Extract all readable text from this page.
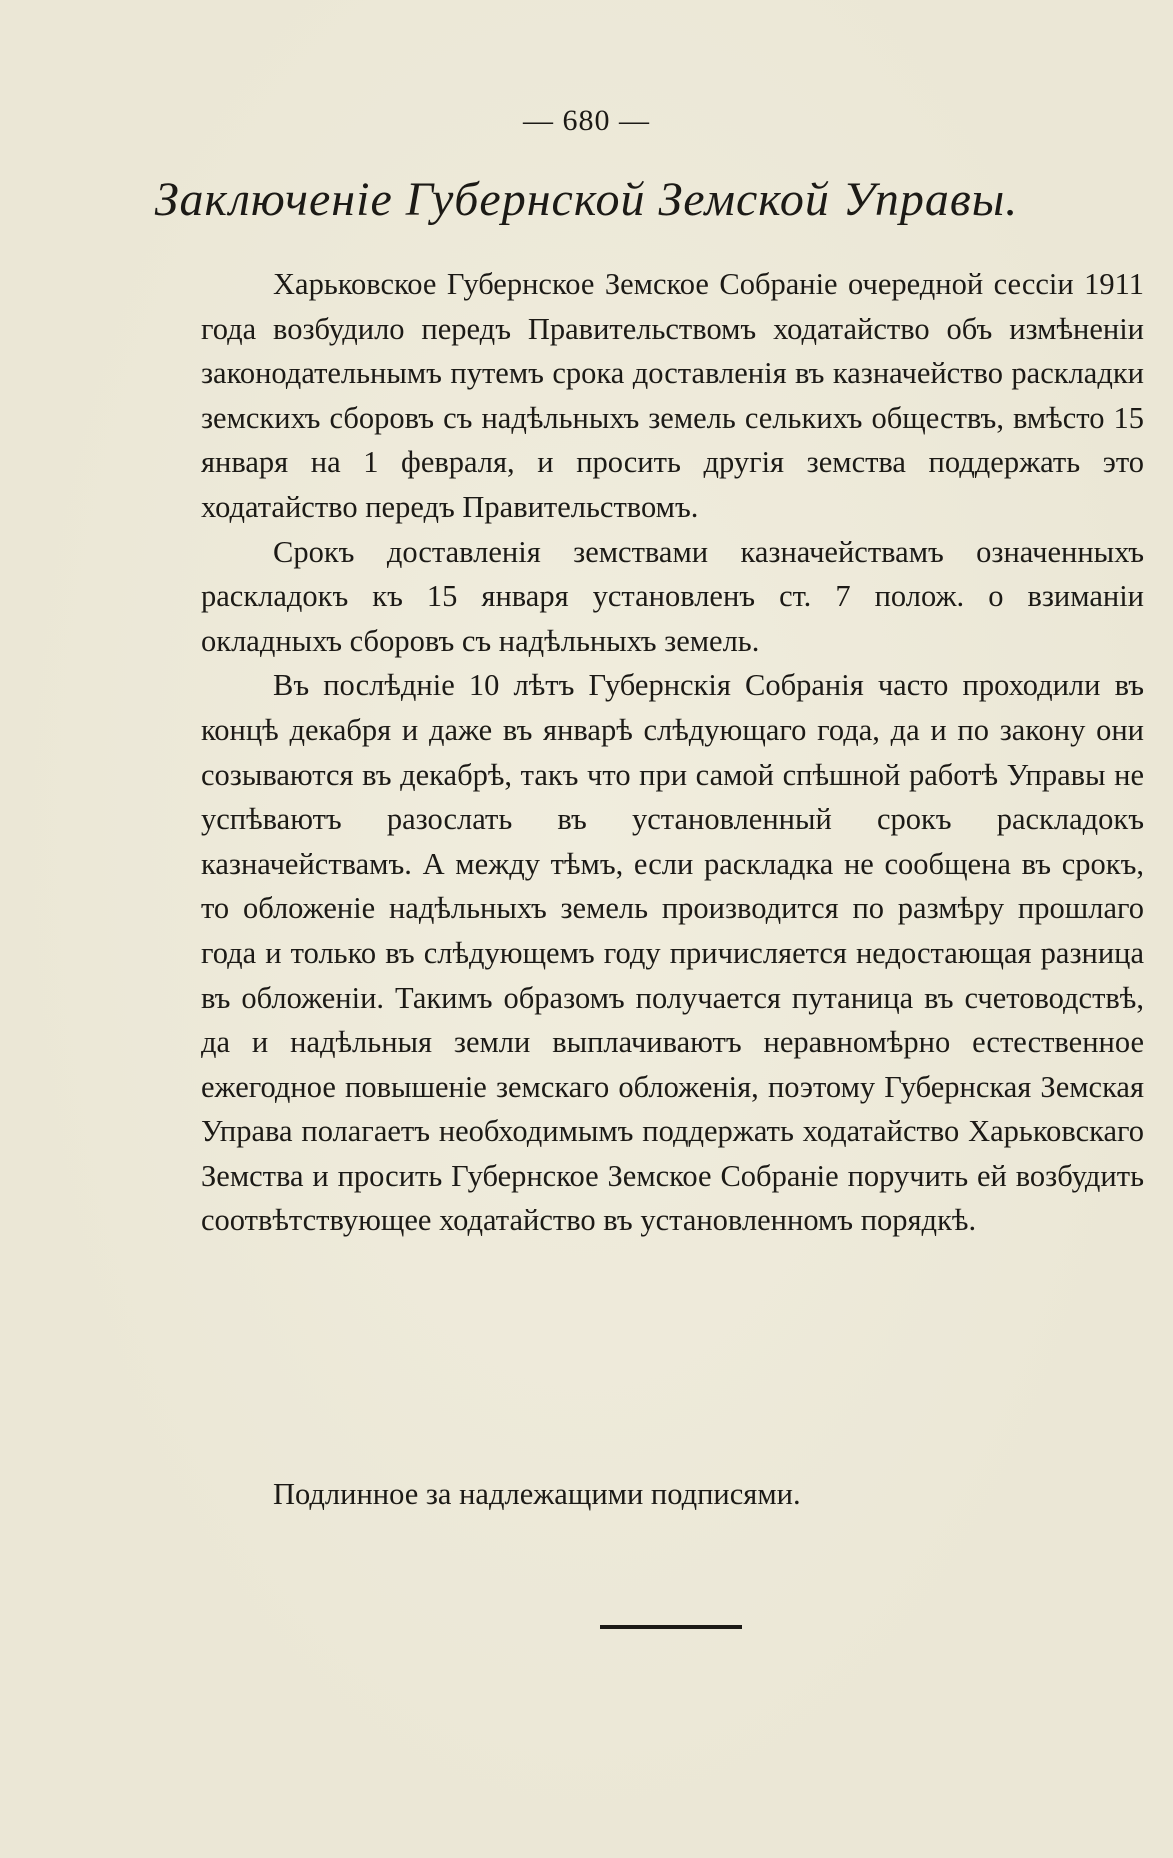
— 680 —
Заключеніе Губернской Земской Управы.

Харьковское Губернское Земское Собраніе очередной сессіи 1911 года возбудило передъ Правительствомъ ходатайство объ измѣненіи законодательнымъ путемъ срока доставленія въ казначейство раскладки земскихъ сборовъ съ надѣльныхъ земель селькихъ обществъ, вмѣсто 15 января на 1 февраля, и просить другія земства поддержать это ходатайство передъ Правительствомъ.

Срокъ доставленія земствами казначействамъ означенныхъ раскладокъ къ 15 января установленъ ст. 7 полож. о взиманіи окладныхъ сборовъ съ надѣльныхъ земель.

Въ послѣдніе 10 лѣтъ Губернскія Собранія часто проходили въ концѣ декабря и даже въ январѣ слѣдующаго года, да и по закону они созываются въ декабрѣ, такъ что при самой спѣшной работѣ Управы не успѣваютъ разослать въ установленный срокъ раскладокъ казначействамъ. А между тѣмъ, если раскладка не сообщена въ срокъ, то обложеніе надѣльныхъ земель производится по размѣру прошлаго года и только въ слѣдующемъ году причисляется недостающая разница въ обложеніи. Такимъ образомъ получается путаница въ счетоводствѣ, да и надѣльныя земли выплачиваютъ неравномѣрно естественное ежегодное повышеніе земскаго обложенія, поэтому Губернская Земская Управа полагаетъ необходимымъ поддержать ходатайство Харьковскаго Земства и просить Губернское Земское Собраніе поручить ей возбудить соотвѣтствующее ходатайство въ установленномъ порядкѣ.

Подлинное за надлежащими подписями.
